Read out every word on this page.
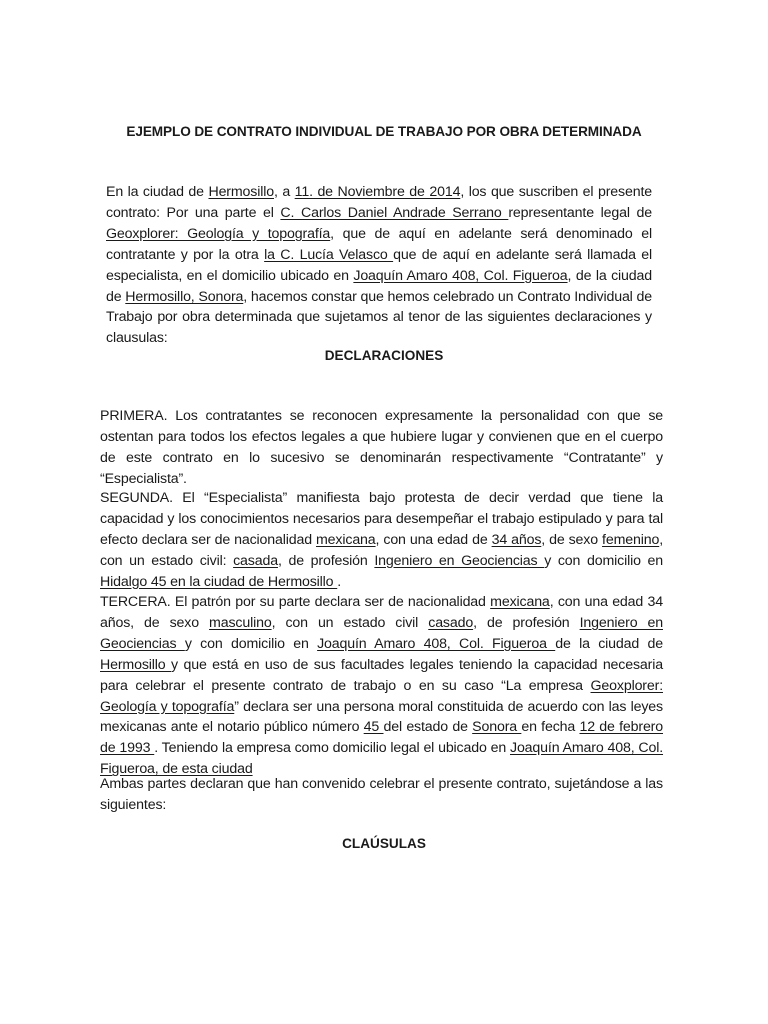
EJEMPLO DE CONTRATO INDIVIDUAL DE TRABAJO POR OBRA DETERMINADA
En la ciudad de Hermosillo, a 11. de Noviembre de 2014, los que suscriben el presente contrato: Por una parte el C. Carlos Daniel Andrade Serrano representante legal de Geoxplorer: Geología y topografía, que de aquí en adelante será denominado el contratante y por la otra la C. Lucía Velasco que de aquí en adelante será llamada el especialista, en el domicilio ubicado en Joaquín Amaro 408, Col. Figueroa, de la ciudad de Hermosillo, Sonora, hacemos constar que hemos celebrado un Contrato Individual de Trabajo por obra determinada que sujetamos al tenor de las siguientes declaraciones y clausulas:
DECLARACIONES
PRIMERA. Los contratantes se reconocen expresamente la personalidad con que se ostentan para todos los efectos legales a que hubiere lugar y convienen que en el cuerpo de este contrato en lo sucesivo se denominarán respectivamente “Contratante” y “Especialista”.
SEGUNDA. El “Especialista” manifiesta bajo protesta de decir verdad que tiene la capacidad y los conocimientos necesarios para desempeñar el trabajo estipulado y para tal efecto declara ser de nacionalidad mexicana, con una edad de 34 años, de sexo femenino, con un estado civil: casada, de profesión Ingeniero en Geociencias y con domicilio en Hidalgo 45 en la ciudad de Hermosillo .
TERCERA. El patrón por su parte declara ser de nacionalidad mexicana, con una edad 34 años, de sexo masculino, con un estado civil casado, de profesión Ingeniero en Geociencias y con domicilio en Joaquín Amaro 408, Col. Figueroa de la ciudad de Hermosillo y que está en uso de sus facultades legales teniendo la capacidad necesaria para celebrar el presente contrato de trabajo o en su caso “La empresa Geoxplorer: Geología y topografía” declara ser una persona moral constituida de acuerdo con las leyes mexicanas ante el notario público número 45 del estado de Sonora en fecha 12 de febrero de 1993 . Teniendo la empresa como domicilio legal el ubicado en Joaquín Amaro 408, Col. Figueroa, de esta ciudad
Ambas partes declaran que han convenido celebrar el presente contrato, sujetándose a las siguientes:
CLAÚSULAS
